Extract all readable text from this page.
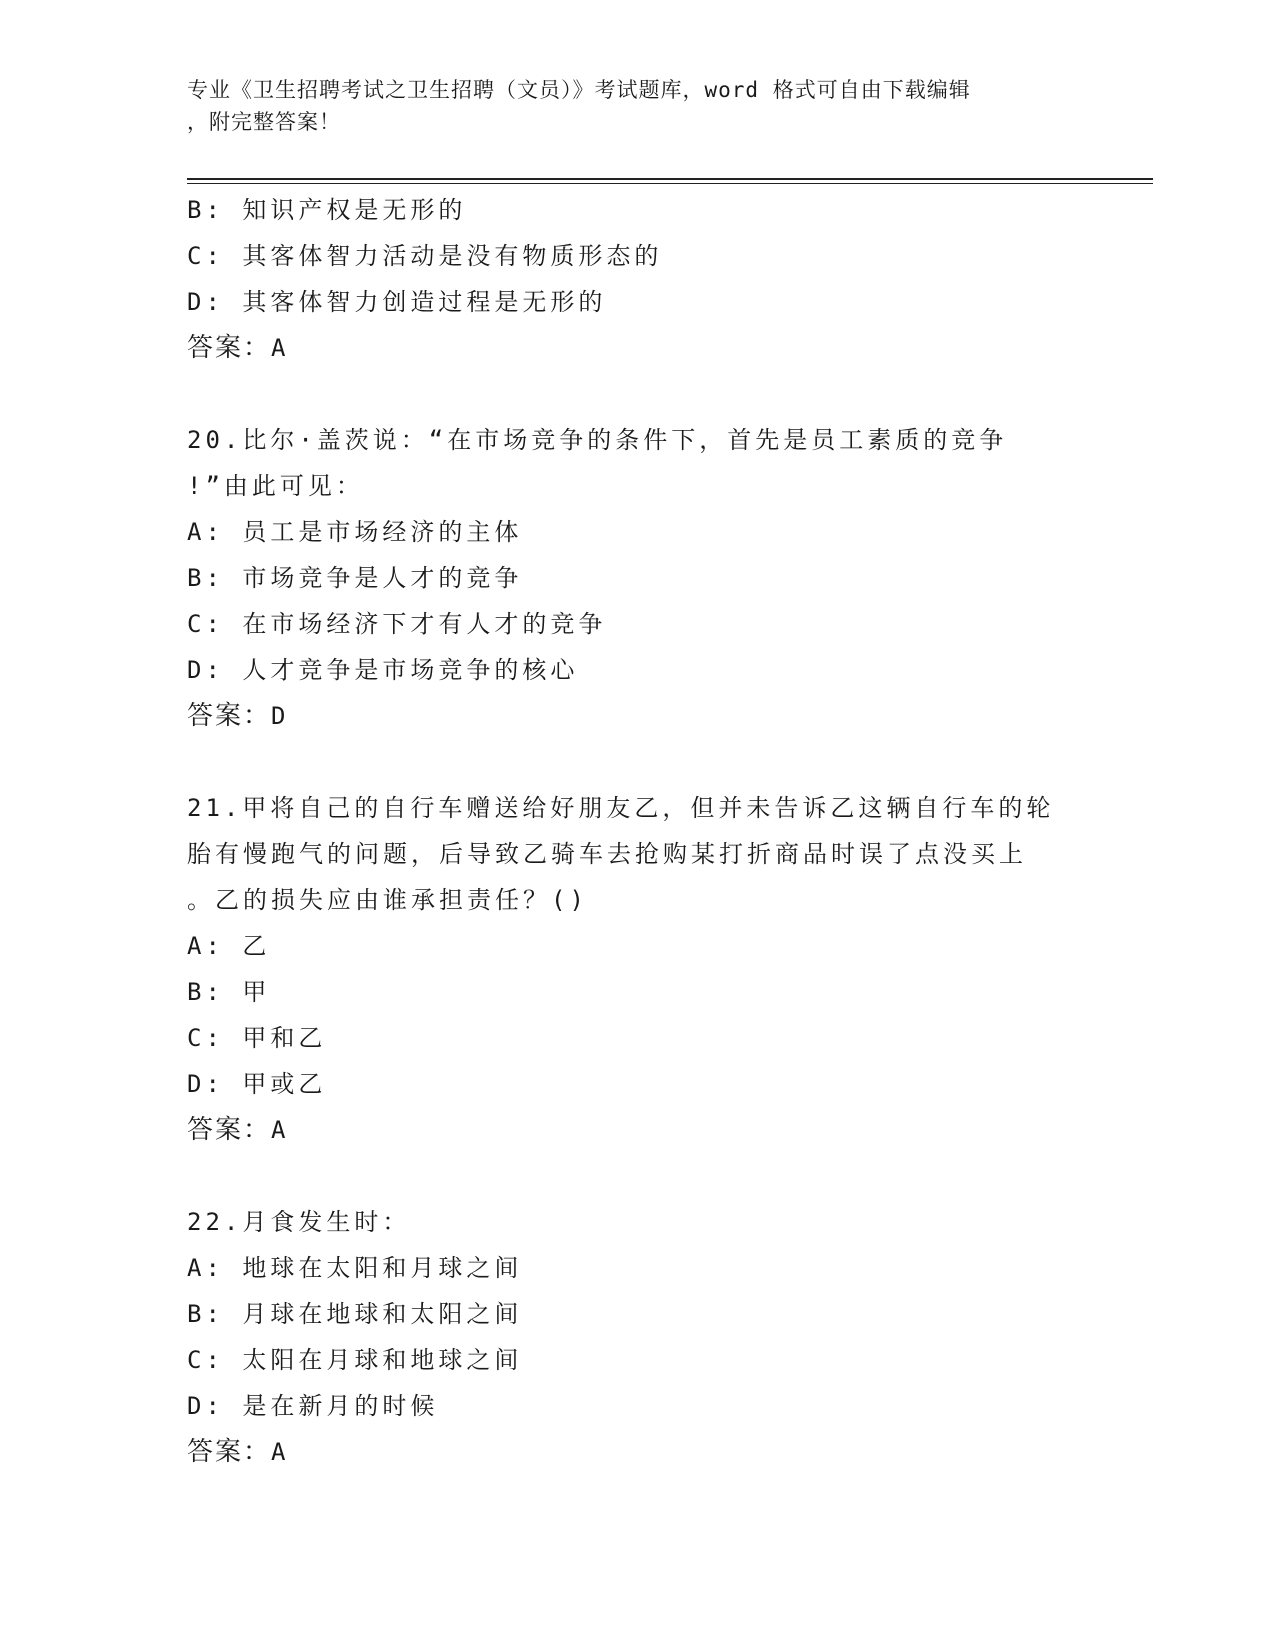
专业《卫生招聘考试之卫生招聘（文员）》考试题库，word 格式可自由下载编辑
，附完整答案！
B: 知识产权是无形的
C: 其客体智力活动是没有物质形态的
D: 其客体智力创造过程是无形的
答案：A
20.比尔·盖茨说：“在市场竞争的条件下，首先是员工素质的竞争
!”由此可见：
A: 员工是市场经济的主体
B: 市场竞争是人才的竞争
C: 在市场经济下才有人才的竞争
D: 人才竞争是市场竞争的核心
答案：D
21.甲将自己的自行车赠送给好朋友乙，但并未告诉乙这辆自行车的轮
胎有慢跑气的问题，后导致乙骑车去抢购某打折商品时误了点没买上
。乙的损失应由谁承担责任？()
A: 乙
B: 甲
C: 甲和乙
D: 甲或乙
答案：A
22.月食发生时：
A: 地球在太阳和月球之间
B: 月球在地球和太阳之间
C: 太阳在月球和地球之间
D: 是在新月的时候
答案：A
